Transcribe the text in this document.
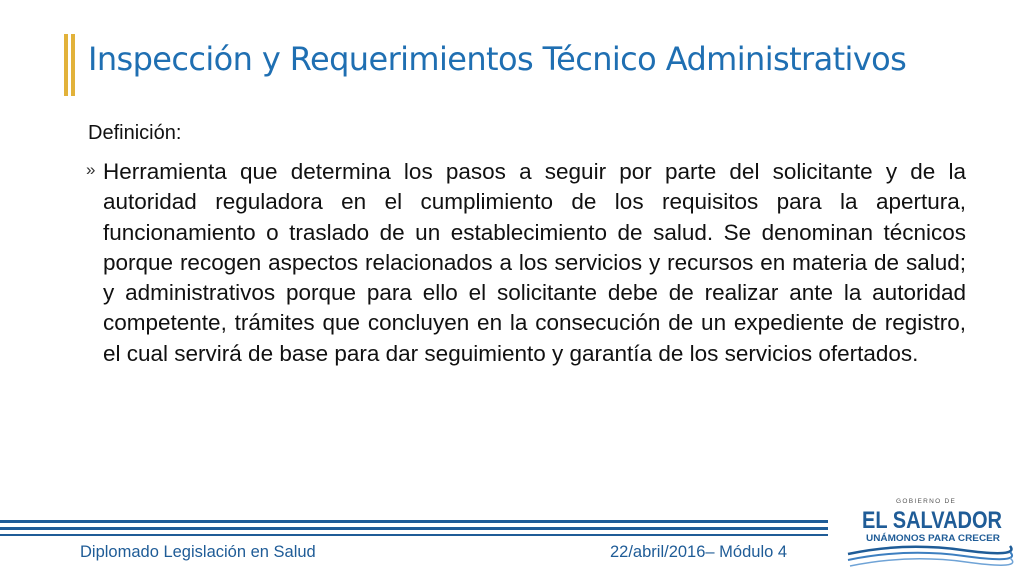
Inspección y Requerimientos Técnico Administrativos

Definición:

» Herramienta que determina los pasos a seguir por parte del solicitante y de la autoridad reguladora en el cumplimiento de los requisitos para la apertura, funcionamiento o traslado de un establecimiento de salud. Se denominan técnicos porque recogen aspectos relacionados a los servicios y recursos en materia de salud; y administrativos porque para ello el solicitante debe de realizar ante la autoridad competente, trámites que concluyen en la consecución de un expediente de registro, el cual servirá de base para dar seguimiento y garantía de los servicios ofertados.

Diplomado Legislación en Salud	22/abril/2016– Módulo 4
GOBIERNO DE
EL SALVADOR
UNÁMONOS PARA CRECER
